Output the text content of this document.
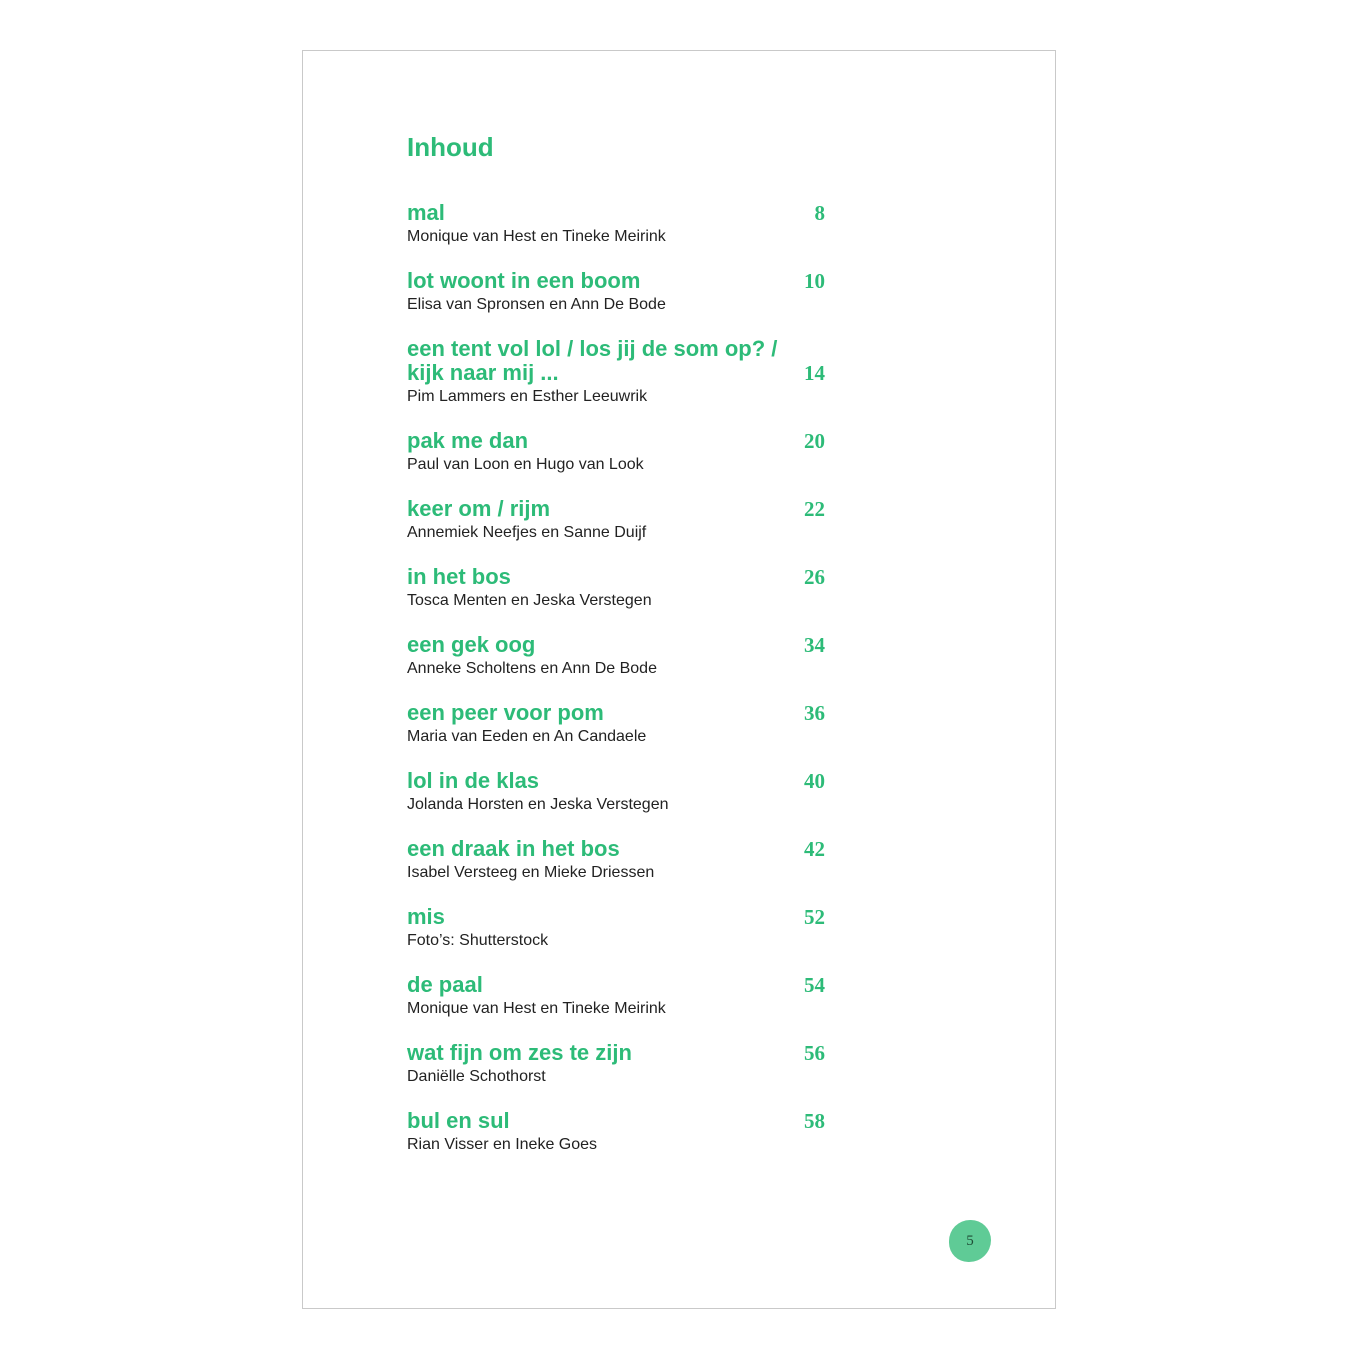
Inhoud
8
mal
Monique van Hest en Tineke Meirink
10
lot woont in een boom
Elisa van Spronsen en Ann De Bode
14
een tent vol lol / los jij de som op? / kijk naar mij ...
Pim Lammers en Esther Leeuwrik
20
pak me dan
Paul van Loon en Hugo van Look
22
keer om / rijm
Annemiek Neefjes en Sanne Duijf
26
in het bos
Tosca Menten en Jeska Verstegen
34
een gek oog
Anneke Scholtens en Ann De Bode
36
een peer voor pom
Maria van Eeden en An Candaele
40
lol in de klas
Jolanda Horsten en Jeska Verstegen
42
een draak in het bos
Isabel Versteeg en Mieke Driessen
52
mis
Foto’s: Shutterstock
54
de paal
Monique van Hest en Tineke Meirink
56
wat fijn om zes te zijn
Daniëlle Schothorst
58
bul en sul
Rian Visser en Ineke Goes
5
